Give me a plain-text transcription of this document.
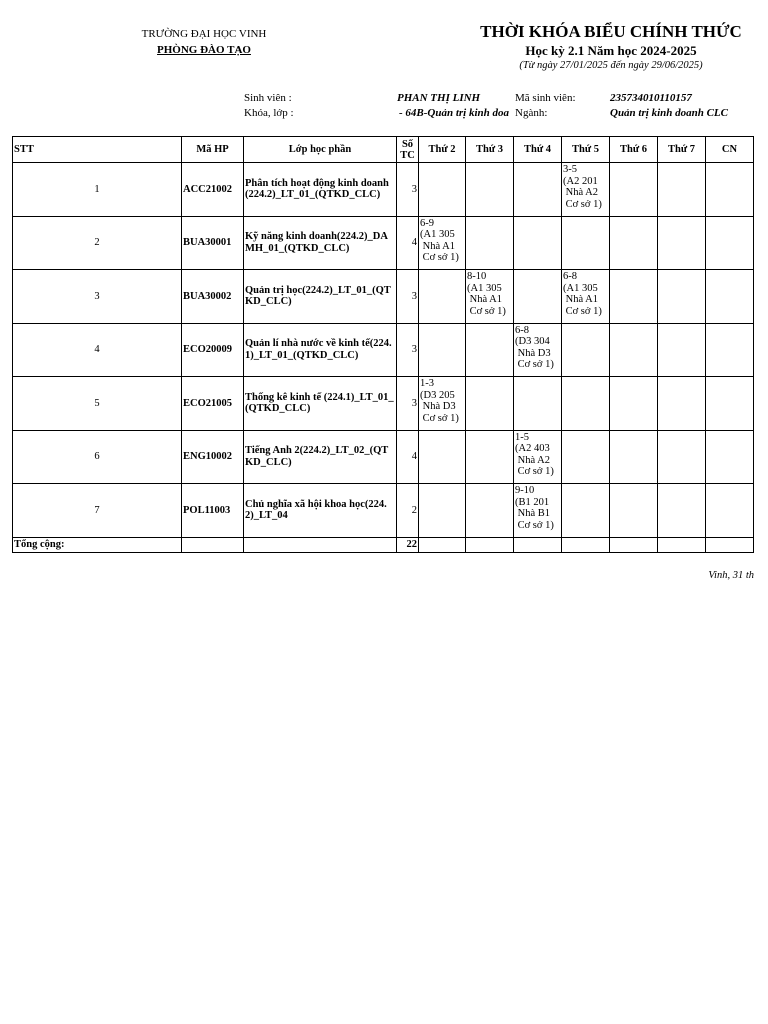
TRƯỜNG ĐẠI HỌC VINH
PHÒNG ĐÀO TẠO
THỜI KHÓA BIỂU CHÍNH THỨC
Học kỳ 2.1 Năm học 2024-2025
(Từ ngày 27/01/2025 đến ngày 29/06/2025)
Sinh viên :	PHAN THỊ LINH	Mã sinh viên:	235734010110157
Khóa, lớp :	- 64B-Quản trị kinh doa Ngành:	Quản trị kinh doanh CLC
STT	Mã HP	Lớp học phần	Số TC	Thứ 2	Thứ 3	Thứ 4	Thứ 5	Thứ 6	Thứ 7	CN
1	ACC21002	Phân tích hoạt động kinh doanh(224.2)_LT_01_(QTKD_CLC)	3				3-5
(A2 201
Nhà A2
Cơ sở 1)			
2	BUA30001	Kỹ năng kinh doanh(224.2)_DAMH_01_(QTKD_CLC)	4	6-9
(A1 305
Nhà A1
Cơ sở 1)						
3	BUA30002	Quản trị học(224.2)_LT_01_(QTKD_CLC)	3		8-10
(A1 305
Nhà A1
Cơ sở 1)		6-8
(A1 305
Nhà A1
Cơ sở 1)			
4	ECO20009	Quản lí nhà nước về kinh tế(224.1)_LT_01_(QTKD_CLC)	3			6-8
(D3 304
Nhà D3
Cơ sở 1)				
5	ECO21005	Thống kê kinh tế (224.1)_LT_01_(QTKD_CLC)	3	1-3
(D3 205
Nhà D3
Cơ sở 1)						
6	ENG10002	Tiếng Anh 2(224.2)_LT_02_(QTKD_CLC)	4			1-5
(A2 403
Nhà A2
Cơ sở 1)				
7	POL11003	Chủ nghĩa xã hội khoa học(224.2)_LT_04	2			9-10
(B1 201
Nhà B1
Cơ sở 1)				
Tổng cộng:			22							
Vinh, 31 th
